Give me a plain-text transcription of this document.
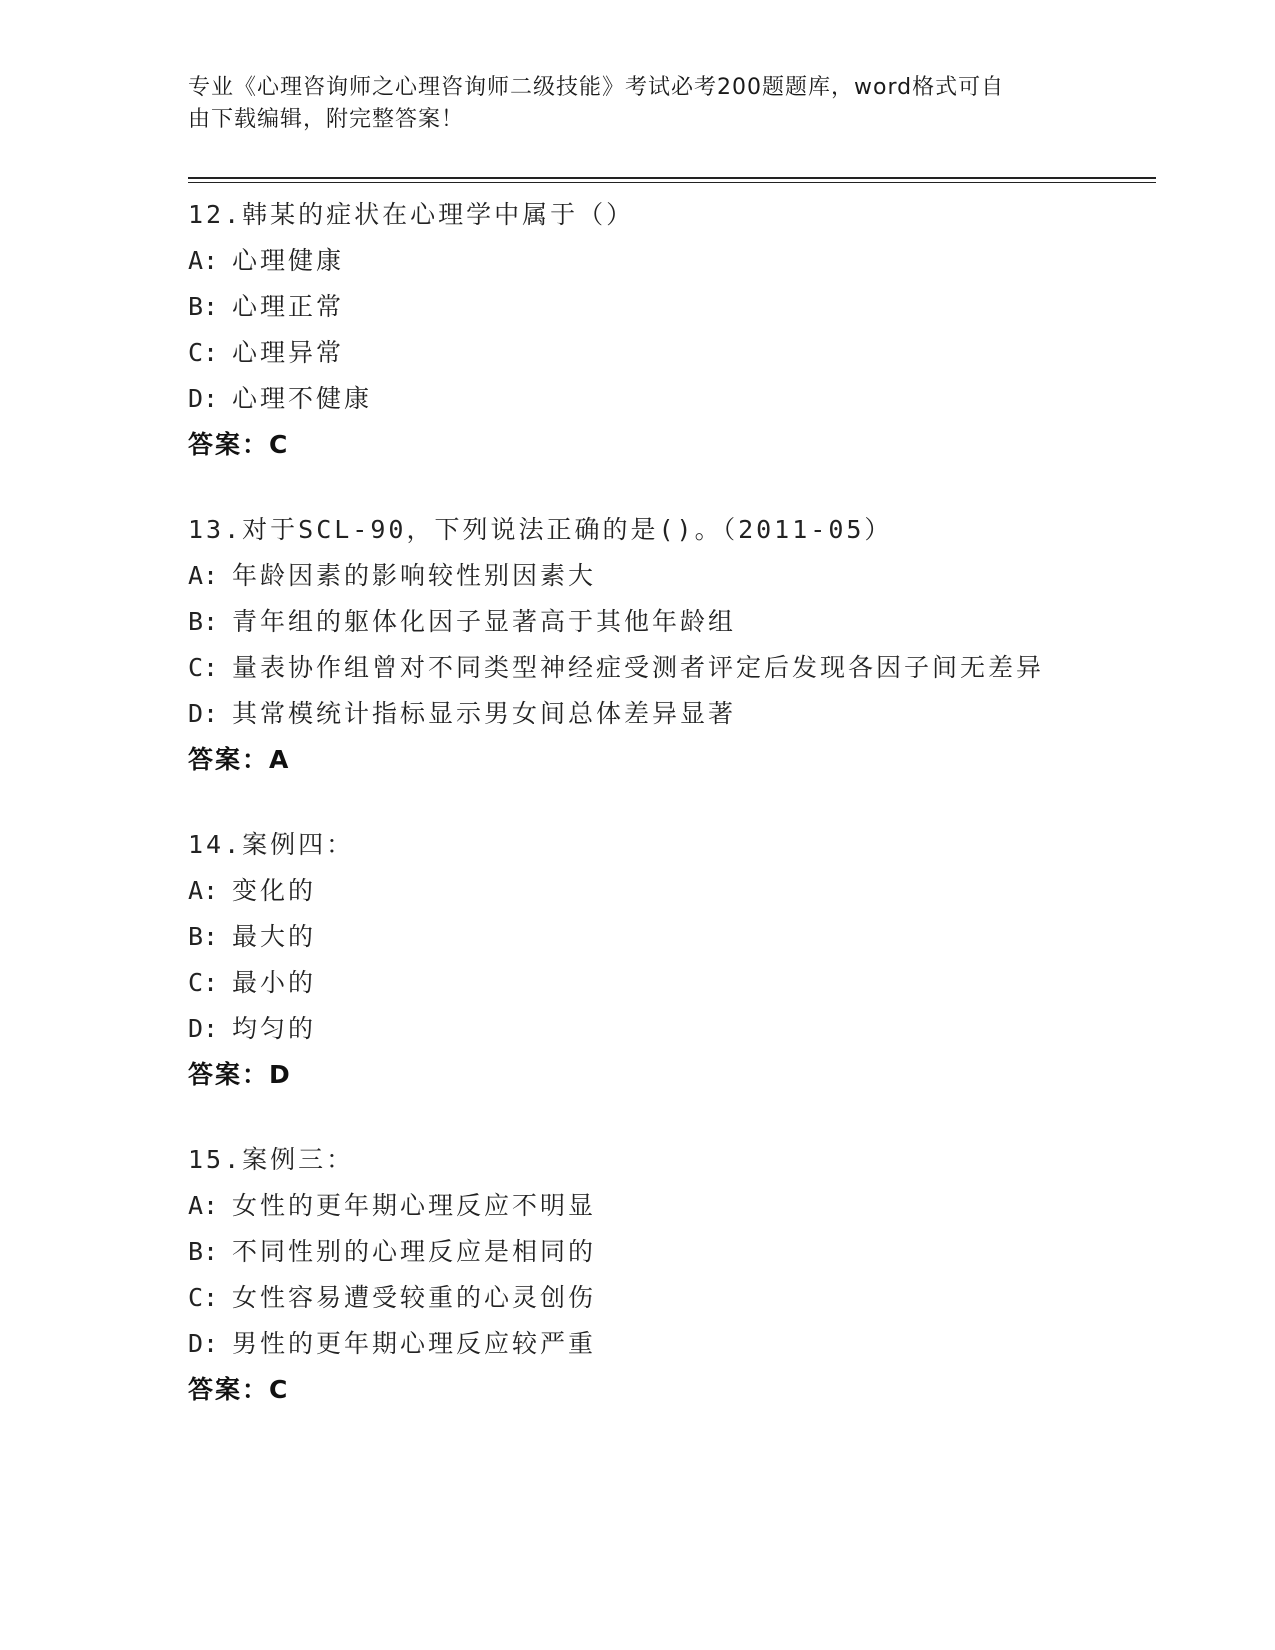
专业《心理咨询师之心理咨询师二级技能》考试必考200题题库，word格式可自
由下载编辑，附完整答案！
12.韩某的症状在心理学中属于（）
A: 心理健康
B: 心理正常
C: 心理异常
D: 心理不健康
答案：C
13.对于SCL-90，下列说法正确的是()。（2011-05）
A: 年龄因素的影响较性别因素大
B: 青年组的躯体化因子显著高于其他年龄组
C: 量表协作组曾对不同类型神经症受测者评定后发现各因子间无差异
D: 其常模统计指标显示男女间总体差异显著
答案：A
14.案例四：
A: 变化的
B: 最大的
C: 最小的
D: 均匀的
答案：D
15.案例三：
A: 女性的更年期心理反应不明显
B: 不同性别的心理反应是相同的
C: 女性容易遭受较重的心灵创伤
D: 男性的更年期心理反应较严重
答案：C
